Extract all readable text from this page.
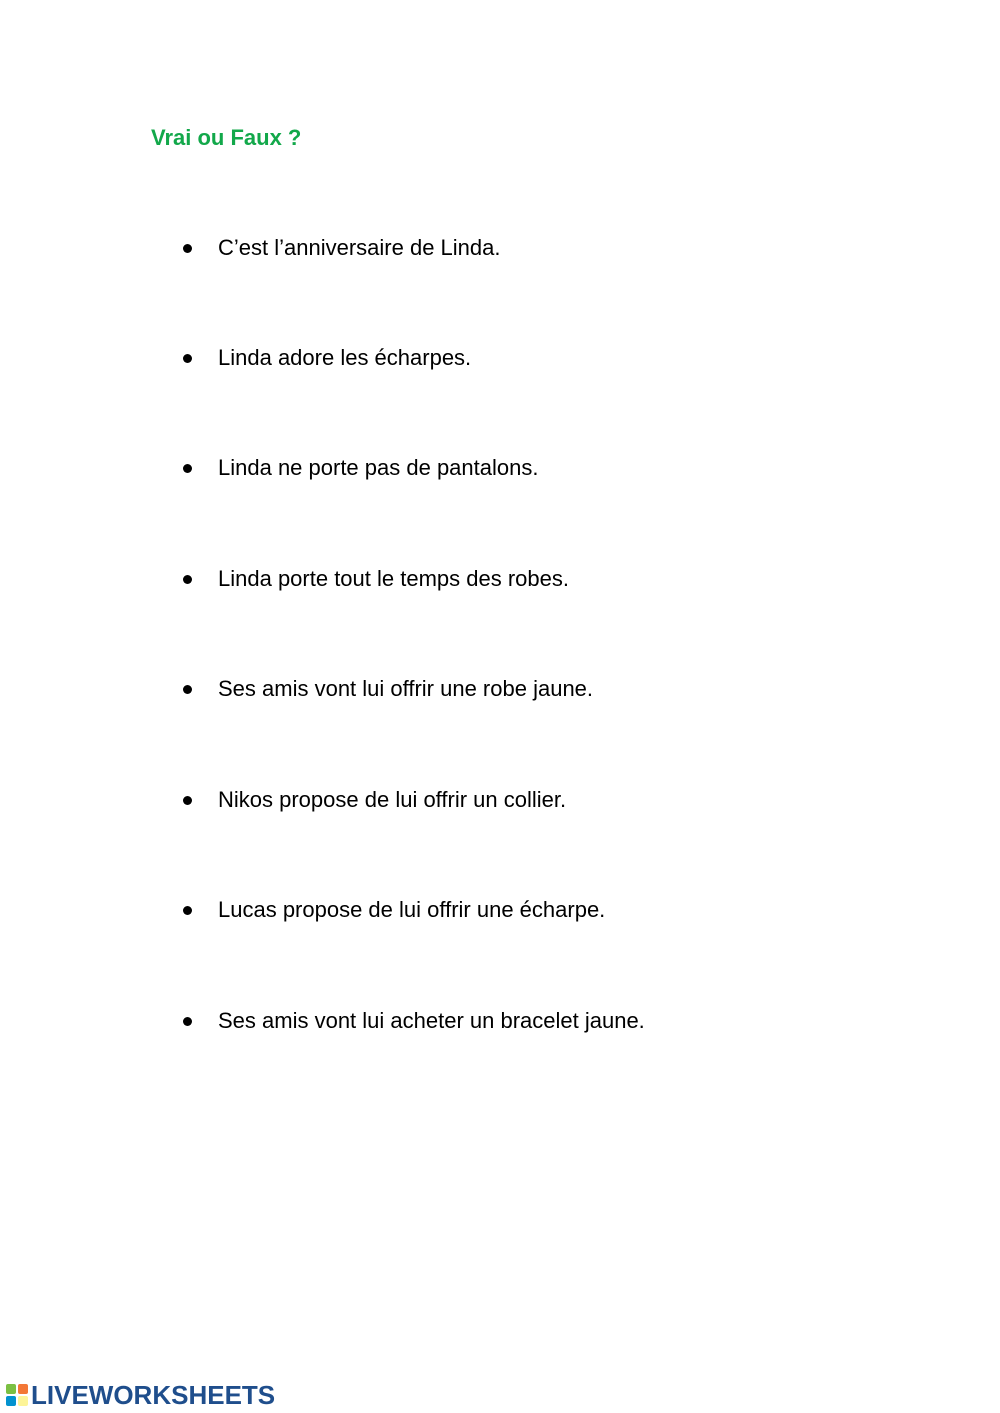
Vrai ou Faux ?
C’est l’anniversaire de Linda.
Linda adore les écharpes.
Linda ne porte pas de pantalons.
Linda porte tout le temps des robes.
Ses amis vont lui offrir une robe jaune.
Nikos propose de lui offrir un collier.
Lucas propose de lui offrir une écharpe.
Ses amis vont lui acheter un bracelet jaune.
LIVEWORKSHEETS
